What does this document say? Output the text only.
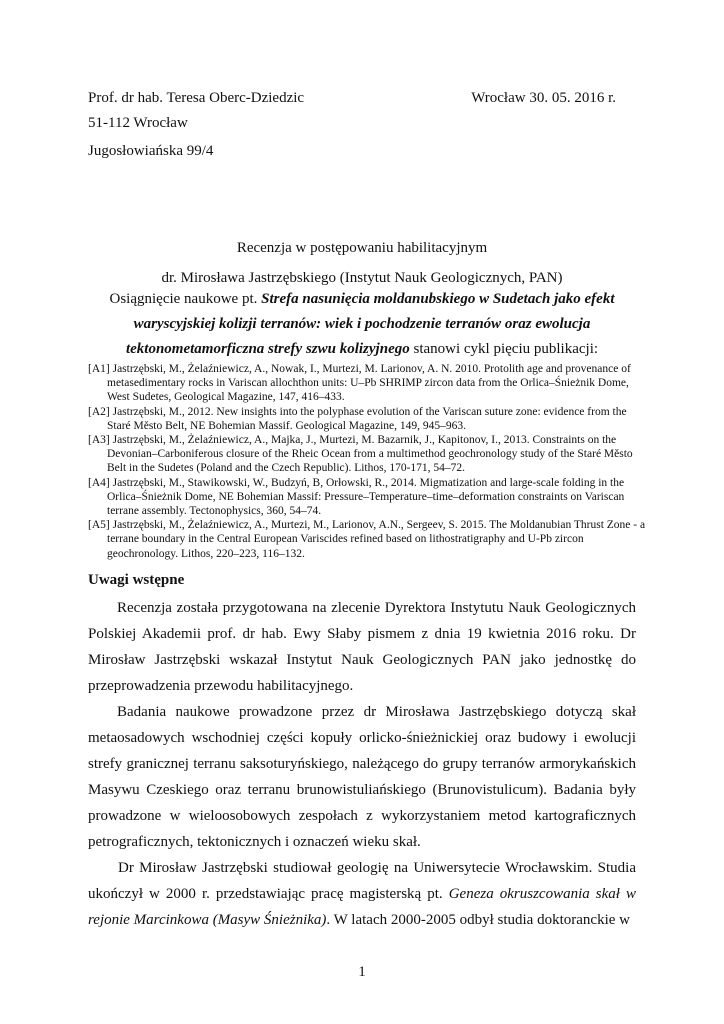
Prof. dr hab. Teresa Oberc-Dziedzic
51-112 Wrocław
Jugosłowiańska 99/4
Wrocław 30. 05. 2016 r.
Recenzja w postępowaniu habilitacyjnym
dr. Mirosława Jastrzębskiego (Instytut Nauk Geologicznych, PAN)
Osiągnięcie naukowe pt. Strefa nasunięcia moldanubskiego w Sudetach jako efekt
waryscyjskiej kolizji terranów: wiek i pochodzenie terranów oraz ewolucja
tektonometamorficzna strefy szwu kolizyjnego stanowi cykl pięciu publikacji:

[A1] Jastrzębski, M., Żelaźniewicz, A., Nowak, I., Murtezi, M. Larionov, A. N. 2010. Protolith age and provenance of metasedimentary rocks in Variscan allochthon units: U–Pb SHRIMP zircon data from the Orlica–Śnieżnik Dome, West Sudetes, Geological Magazine, 147, 416–433.

[A2] Jastrzębski, M., 2012. New insights into the polyphase evolution of the Variscan suture zone: evidence from the Staré Město Belt, NE Bohemian Massif. Geological Magazine, 149, 945–963.

[A3] Jastrzębski, M., Żelaźniewicz, A., Majka, J., Murtezi, M. Bazarnik, J., Kapitonov, I., 2013. Constraints on the Devonian–Carboniferous closure of the Rheic Ocean from a multimethod geochronology study of the Staré Město Belt in the Sudetes (Poland and the Czech Republic). Lithos, 170-171, 54–72.

[A4] Jastrzębski, M., Stawikowski, W., Budzyń, B, Orłowski, R., 2014. Migmatization and large-scale folding in the Orlica–Śnieżnik Dome, NE Bohemian Massif: Pressure–Temperature–time–deformation constraints on Variscan terrane assembly. Tectonophysics, 360, 54–74.

[A5] Jastrzębski, M., Żelaźniewicz, A., Murtezi, M., Larionov, A.N., Sergeev, S. 2015. The Moldanubian Thrust Zone - a terrane boundary in the Central European Variscides refined based on lithostratigraphy and U-Pb zircon geochronology. Lithos, 220–223, 116–132.

Uwagi wstępne

Recenzja została przygotowana na zlecenie Dyrektora Instytutu Nauk Geologicznych Polskiej Akademii prof. dr hab. Ewy Słaby pismem z dnia 19 kwietnia 2016 roku. Dr Mirosław Jastrzębski wskazał Instytut Nauk Geologicznych PAN jako jednostkę do przeprowadzenia przewodu habilitacyjnego.

Badania naukowe prowadzone przez dr Mirosława Jastrzębskiego dotyczą skał metaosadowych wschodniej części kopuły orlicko-śnieżnickiej oraz budowy i ewolucji strefy granicznej terranu saksoturyńskiego, należącego do grupy terranów armorykańskich Masywu Czeskiego oraz terranu brunowistuliańskiego (Brunovistulicum). Badania były prowadzone w wieloosobowych zespołach z wykorzystaniem metod kartograficznych petrograficznych, tektonicznych i oznaczeń wieku skał.

Dr Mirosław Jastrzębski studiował geologię na Uniwersytecie Wrocławskim. Studia ukończył w 2000 r. przedstawiając pracę magisterską pt. Geneza okruszcowania skał w rejonie Marcinkowa (Masyw Śnieżnika). W latach 2000-2005 odbył studia doktoranckie w

1
